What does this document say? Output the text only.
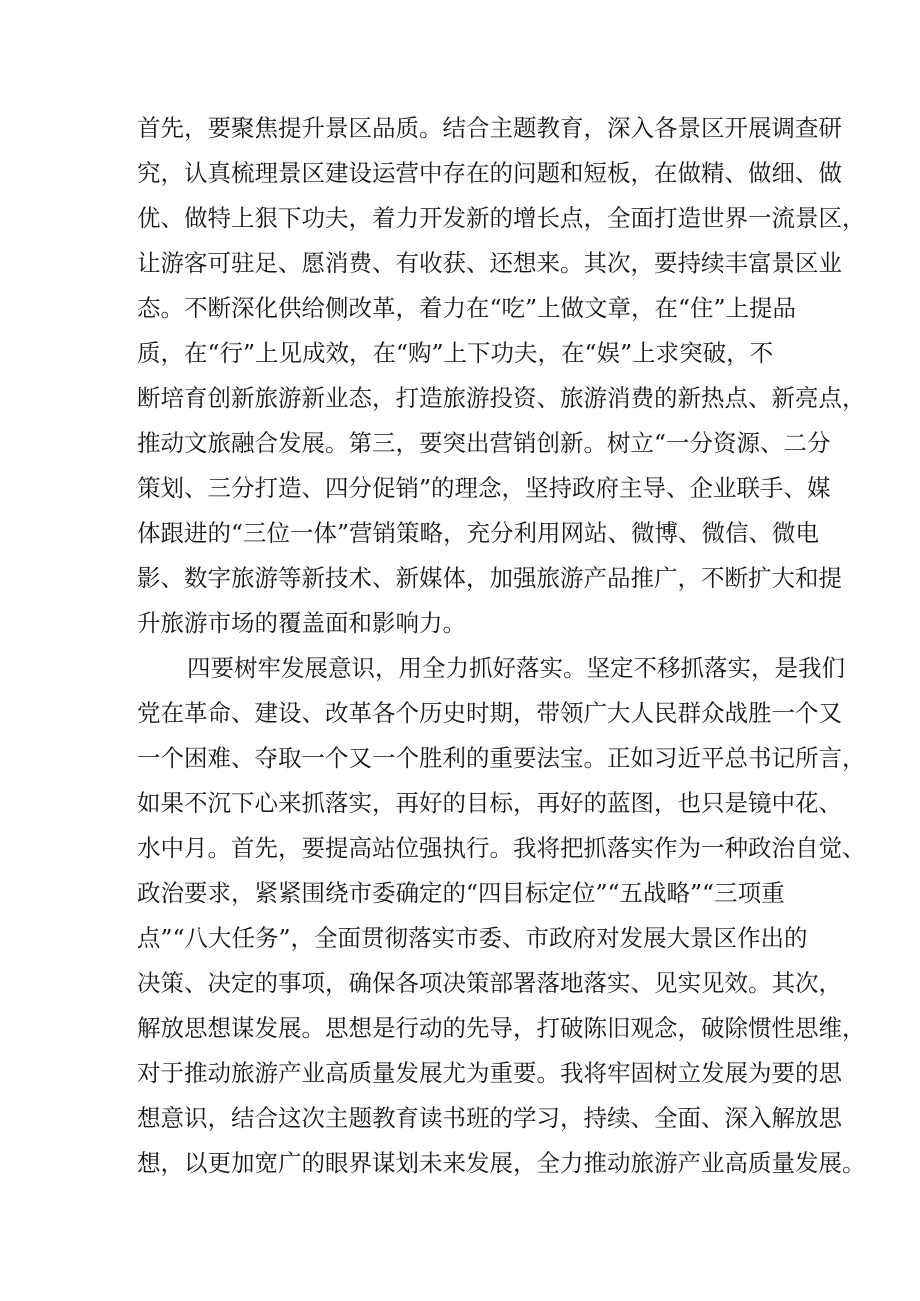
首先，要聚焦提升景区品质。结合主题教育，深入各景区开展调查研
究，认真梳理景区建设运营中存在的问题和短板，在做精、做细、做
优、做特上狠下功夫，着力开发新的增长点，全面打造世界一流景区，
让游客可驻足、愿消费、有收获、还想来。其次，要持续丰富景区业
态。不断深化供给侧改革，着力在“吃”上做文章，在“住”上提品
质，在“行”上见成效，在“购”上下功夫，在“娱”上求突破，不
断培育创新旅游新业态，打造旅游投资、旅游消费的新热点、新亮点，
推动文旅融合发展。第三，要突出营销创新。树立“一分资源、二分
策划、三分打造、四分促销”的理念，坚持政府主导、企业联手、媒
体跟进的“三位一体”营销策略，充分利用网站、微博、微信、微电
影、数字旅游等新技术、新媒体，加强旅游产品推广，不断扩大和提
升旅游市场的覆盖面和影响力。
四要树牢发展意识，用全力抓好落实。坚定不移抓落实，是我们
党在革命、建设、改革各个历史时期，带领广大人民群众战胜一个又
一个困难、夺取一个又一个胜利的重要法宝。正如习近平总书记所言，
如果不沉下心来抓落实，再好的目标，再好的蓝图，也只是镜中花、
水中月。首先，要提高站位强执行。我将把抓落实作为一种政治自觉、
政治要求，紧紧围绕市委确定的“四目标定位”“五战略”“三项重
点”“八大任务”，全面贯彻落实市委、市政府对发展大景区作出的
决策、决定的事项，确保各项决策部署落地落实、见实见效。其次，
解放思想谋发展。思想是行动的先导，打破陈旧观念，破除惯性思维，
对于推动旅游产业高质量发展尤为重要。我将牢固树立发展为要的思
想意识，结合这次主题教育读书班的学习，持续、全面、深入解放思
想，以更加宽广的眼界谋划未来发展，全力推动旅游产业高质量发展。
